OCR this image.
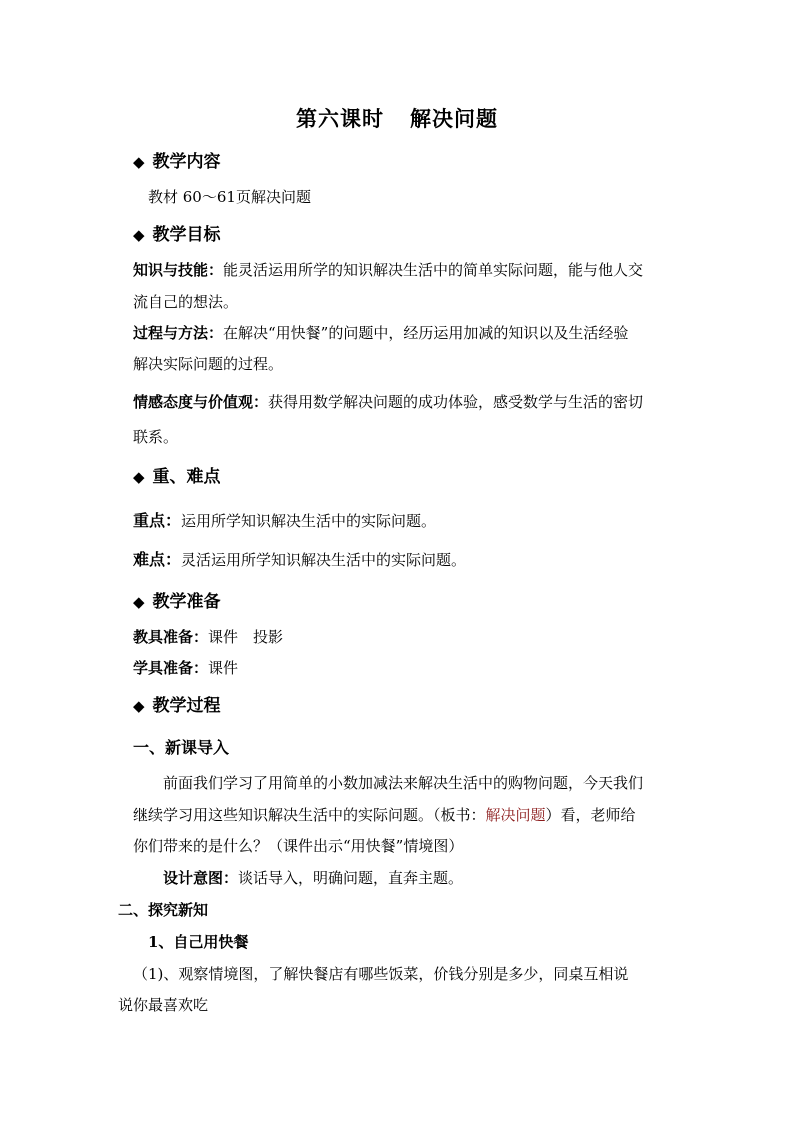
第六课时 解决问题
◆ 教学内容
教材 60～61页解决问题
◆ 教学目标
知识与技能：能灵活运用所学的知识解决生活中的简单实际问题，能与他人交
流自己的想法。
过程与方法：在解决“用快餐”的问题中，经历运用加减的知识以及生活经验
解决实际问题的过程。
情感态度与价值观：获得用数学解决问题的成功体验，感受数学与生活的密切
联系。
◆ 重、难点
重点：运用所学知识解决生活中的实际问题。
难点：灵活运用所学知识解决生活中的实际问题。
◆ 教学准备
教具准备：课件　投影
学具准备：课件
◆ 教学过程
一、新课导入
前面我们学习了用简单的小数加减法来解决生活中的购物问题，今天我们
继续学习用这些知识解决生活中的实际问题。（板书：解决问题）看，老师给
你们带来的是什么？（课件出示“用快餐”情境图）
设计意图：谈话导入，明确问题，直奔主题。
二、探究新知
1、自己用快餐
（1)、观察情境图，了解快餐店有哪些饭菜，价钱分别是多少，同桌互相说
说你最喜欢吃
